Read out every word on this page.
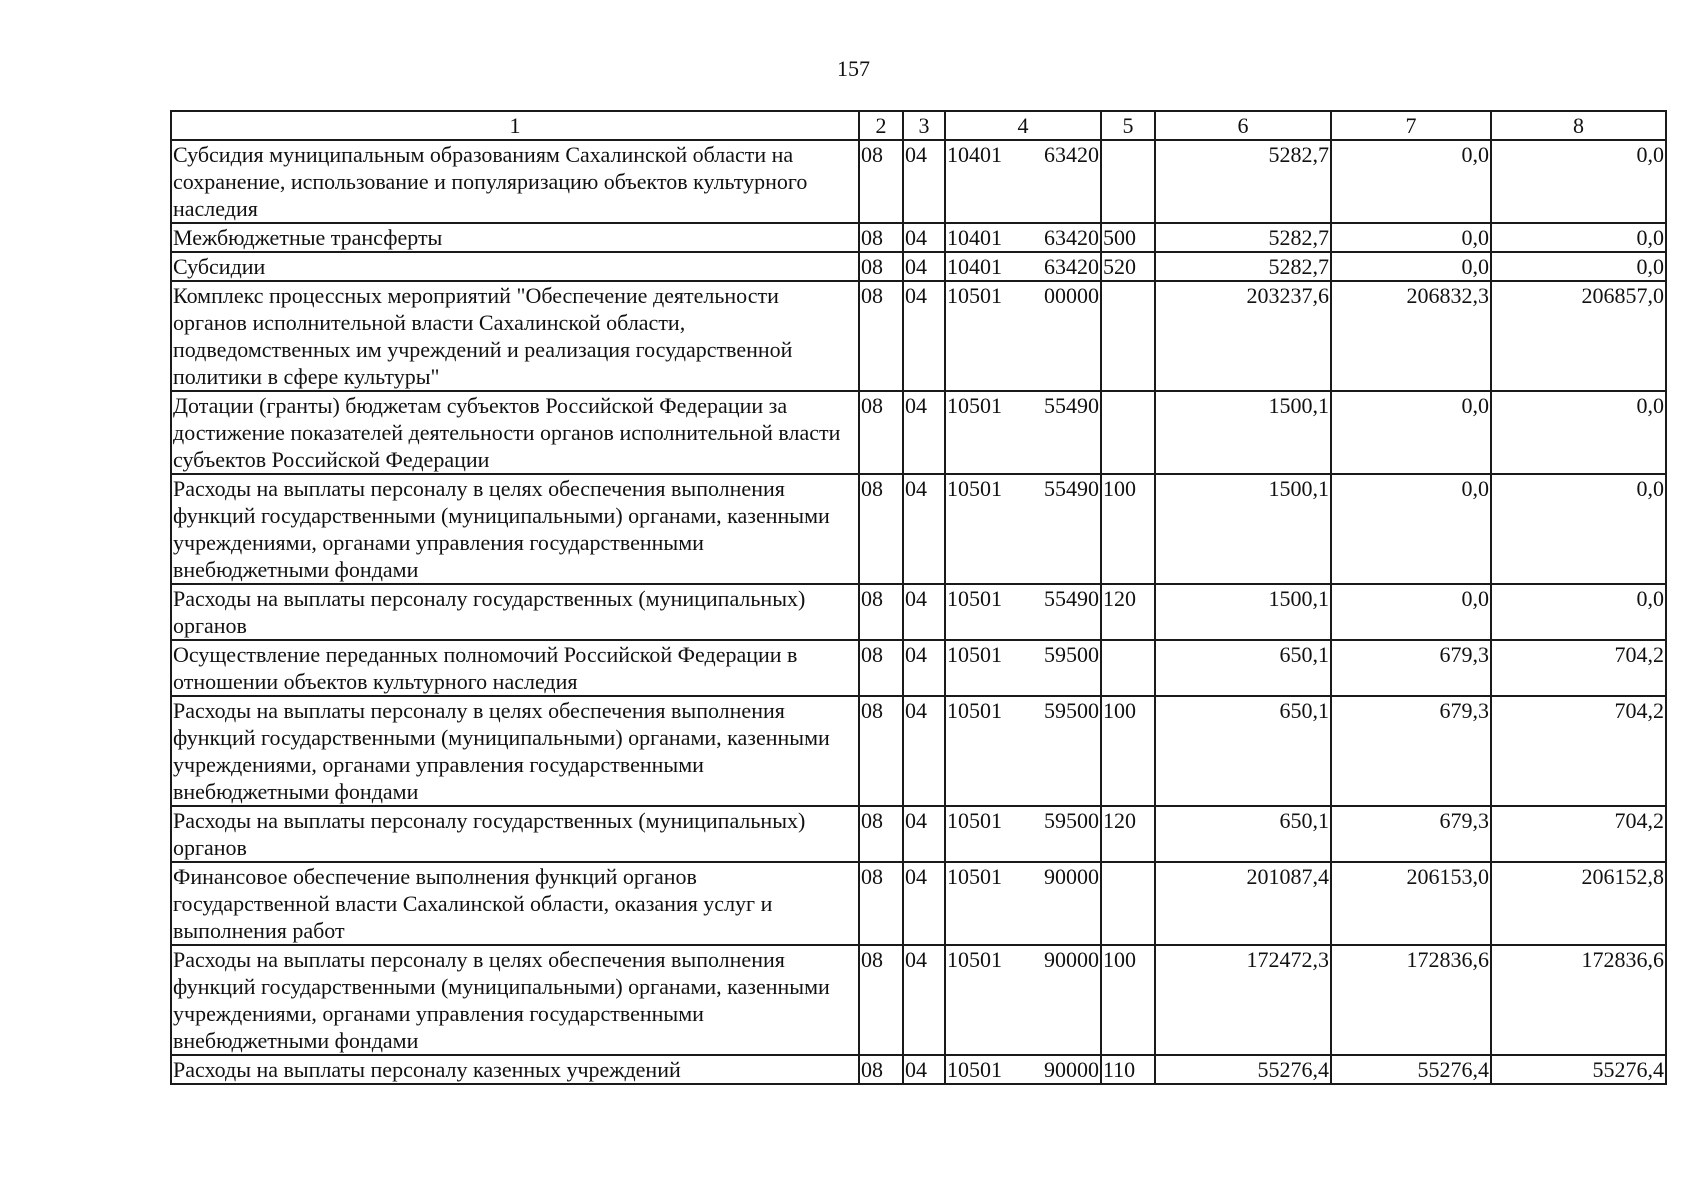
157
1	2	3	4	5	6	7	8
Субсидия муниципальным образованиям Сахалинской области на сохранение, использование и популяризацию объектов культурного наследия	08	04	10401 63420		5282,7	0,0	0,0
Межбюджетные трансферты	08	04	10401 63420	500	5282,7	0,0	0,0
Субсидии	08	04	10401 63420	520	5282,7	0,0	0,0
Комплекс процессных мероприятий "Обеспечение деятельности органов исполнительной власти Сахалинской области, подведомственных им учреждений и реализация государственной политики в сфере культуры"	08	04	10501 00000		203237,6	206832,3	206857,0
Дотации (гранты) бюджетам субъектов Российской Федерации за достижение показателей деятельности органов исполнительной власти субъектов Российской Федерации	08	04	10501 55490		1500,1	0,0	0,0
Расходы на выплаты персоналу в целях обеспечения выполнения функций государственными (муниципальными) органами, казенными учреждениями, органами управления государственными внебюджетными фондами	08	04	10501 55490	100	1500,1	0,0	0,0
Расходы на выплаты персоналу государственных (муниципальных) органов	08	04	10501 55490	120	1500,1	0,0	0,0
Осуществление переданных полномочий Российской Федерации в отношении объектов культурного наследия	08	04	10501 59500		650,1	679,3	704,2
Расходы на выплаты персоналу в целях обеспечения выполнения функций государственными (муниципальными) органами, казенными учреждениями, органами управления государственными внебюджетными фондами	08	04	10501 59500	100	650,1	679,3	704,2
Расходы на выплаты персоналу государственных (муниципальных) органов	08	04	10501 59500	120	650,1	679,3	704,2
Финансовое обеспечение выполнения функций органов государственной власти Сахалинской области, оказания услуг и выполнения работ	08	04	10501 90000		201087,4	206153,0	206152,8
Расходы на выплаты персоналу в целях обеспечения выполнения функций государственными (муниципальными) органами, казенными учреждениями, органами управления государственными внебюджетными фондами	08	04	10501 90000	100	172472,3	172836,6	172836,6
Расходы на выплаты персоналу казенных учреждений	08	04	10501 90000	110	55276,4	55276,4	55276,4
